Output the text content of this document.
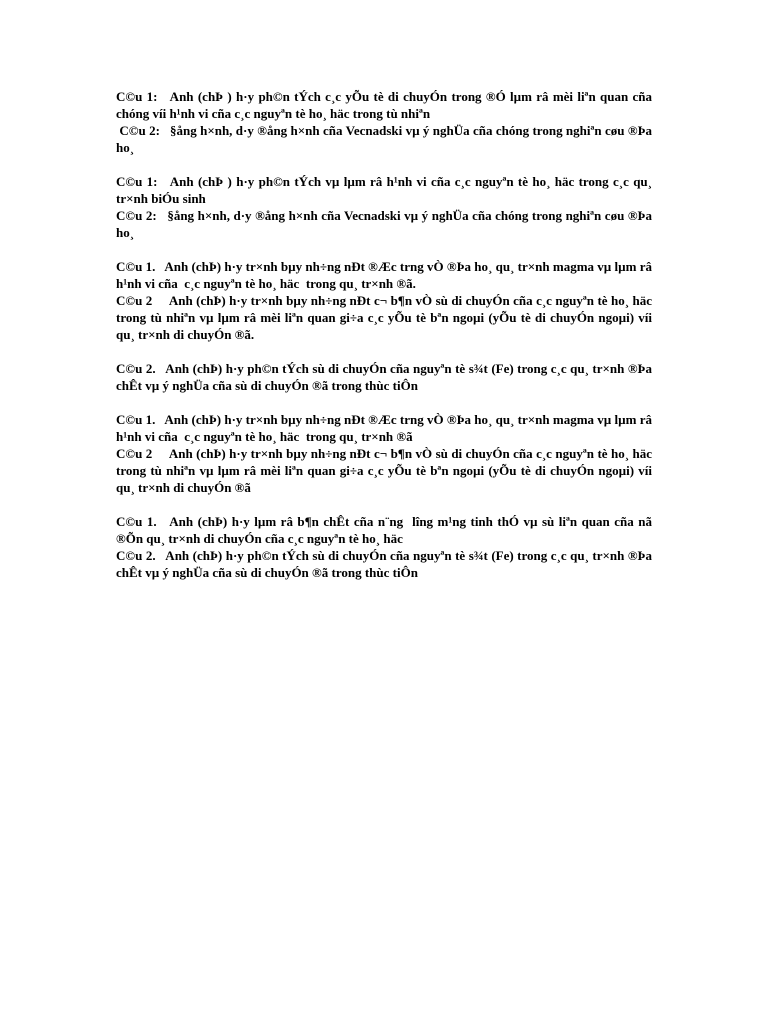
C©u 1:   Anh (chÞ ) h·y ph©n tÝch c¸c yÕu tè di chuyÓn trong ®Ó lµm râ mèi liªn quan cña chóng víi h¹nh vi cña c¸c nguyªn tè ho¸ häc trong tù nhiªn

C©u 2:   §ång h×nh, d·y ®ång h×nh cña Vecnadski vµ ý nghÜa cña chóng trong nghiªn cøu ®Þa ho¸

C©u 1:   Anh (chÞ ) h·y ph©n tÝch vµ lµm râ h¹nh vi cña c¸c nguyªn tè ho¸ häc trong c¸c qu¸ tr×nh biÓu sinh

C©u 2:   §ång h×nh, d·y ®ång h×nh cña Vecnadski vµ ý nghÜa cña chóng trong nghiªn cøu ®Þa ho¸

C©u 1.   Anh (chÞ) h·y tr×nh bµy nh÷ng nÐt ®Æc trng vÒ ®Þa ho¸ qu¸ tr×nh magma vµ lµm râ h¹nh vi cña  c¸c nguyªn tè ho¸ häc  trong qu¸ tr×nh ®ã.

C©u 2     Anh (chÞ) h·y tr×nh bµy nh÷ng nÐt c¬ b¶n vÒ sù di chuyÓn cña c¸c nguyªn tè ho¸ häc trong tù nhiªn vµ lµm râ mèi liªn quan gi÷a c¸c yÕu tè bªn ngoµi (yÕu tè di chuyÓn ngoµi) víi  qu¸ tr×nh di chuyÓn ®ã.

C©u 2.   Anh (chÞ) h·y ph©n tÝch sù di chuyÓn cña nguyªn tè s¾t (Fe) trong c¸c qu¸ tr×nh ®Þa chÊt vµ ý nghÜa cña sù di chuyÓn ®ã trong thùc tiÔn

C©u 1.   Anh (chÞ) h·y tr×nh bµy nh÷ng nÐt ®Æc trng vÒ ®Þa ho¸ qu¸ tr×nh magma vµ lµm râ h¹nh vi cña  c¸c nguyªn tè ho¸ häc  trong qu¸ tr×nh ®ã

C©u 2     Anh (chÞ) h·y tr×nh bµy nh÷ng nÐt c¬ b¶n vÒ sù di chuyÓn cña c¸c nguyªn tè ho¸ häc trong tù nhiªn vµ lµm râ mèi liªn quan gi÷a c¸c yÕu tè bªn ngoµi (yÕu tè di chuyÓn ngoµi) víi  qu¸ tr×nh di chuyÓn ®ã

C©u 1.   Anh (chÞ) h·y lµm râ b¶n chÊt cña n¨ng  lîng m¹ng tinh thÓ vµ sù liªn quan cña nã ®Õn qu¸ tr×nh di chuyÓn cña c¸c nguyªn tè ho¸ häc

C©u 2.   Anh (chÞ) h·y ph©n tÝch sù di chuyÓn cña nguyªn tè s¾t (Fe) trong c¸c qu¸ tr×nh ®Þa chÊt vµ ý nghÜa cña sù di chuyÓn ®ã trong thùc tiÔn
